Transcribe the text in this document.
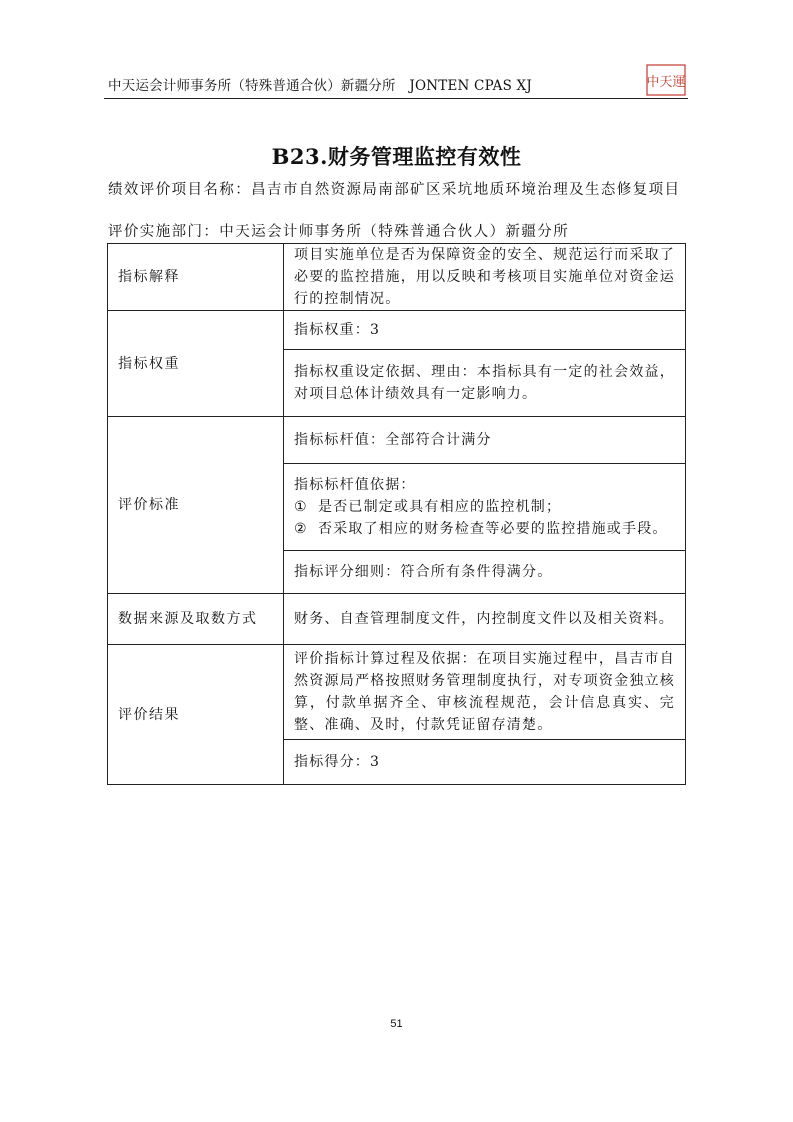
中天运会计师事务所（特殊普通合伙）新疆分所　JONTEN CPAS XJ	中天運
B23.财务管理监控有效性
绩效评价项目名称：昌吉市自然资源局南部矿区采坑地质环境治理及生态修复项目
评价实施部门：中天运会计师事务所（特殊普通合伙人）新疆分所
指标解释	项目实施单位是否为保障资金的安全、规范运行而采取了必要的监控措施，用以反映和考核项目实施单位对资金运行的控制情况。
指标权重	指标权重：3
	指标权重设定依据、理由：本指标具有一定的社会效益，对项目总体计绩效具有一定影响力。
评价标准	指标标杆值：全部符合计满分

	指标标杆值依据：
① 是否已制定或具有相应的监控机制；
② 否采取了相应的财务检查等必要的监控措施或手段。

	指标评分细则：符合所有条件得满分。
数据来源及取数方式	财务、自查管理制度文件，内控制度文件以及相关资料。
评价结果	评价指标计算过程及依据：在项目实施过程中，昌吉市自然资源局严格按照财务管理制度执行，对专项资金独立核算，付款单据齐全、审核流程规范，会计信息真实、完整、准确、及时，付款凭证留存清楚。
	指标得分：3
51
